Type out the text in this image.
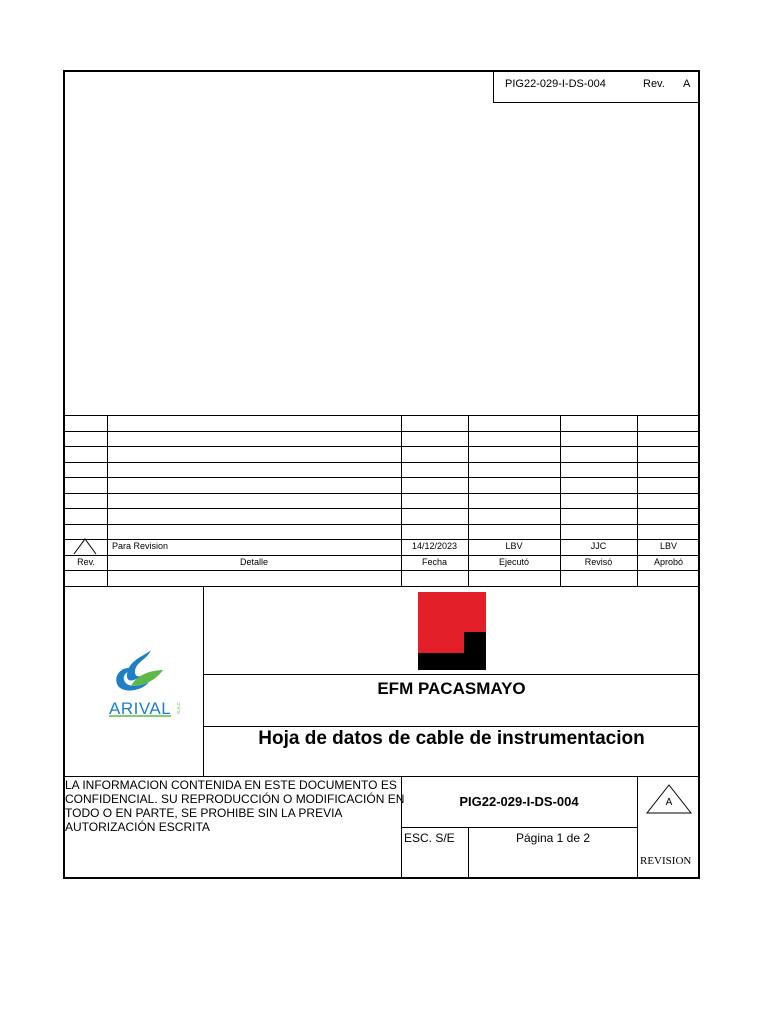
PIG22-029-I-DS-004	Rev. A
Para Revision	14/12/2023	LBV	JJC	LBV
Rev.	Detalle	Fecha	Ejecutó	Revisó	Aprobó
ARIVAL S.A.C
EFM PACASMAYO
Hoja de datos de cable de instrumentacion
LA INFORMACION CONTENIDA EN ESTE DOCUMENTO ES CONFIDENCIAL. SU REPRODUCCIÓN O MODIFICACIÓN EN TODO O EN PARTE, SE PROHIBE SIN LA PREVIA AUTORIZACIÓN ESCRITA
PIG22-029-I-DS-004
ESC. S/E	Página 1 de 2
A
REVISION
